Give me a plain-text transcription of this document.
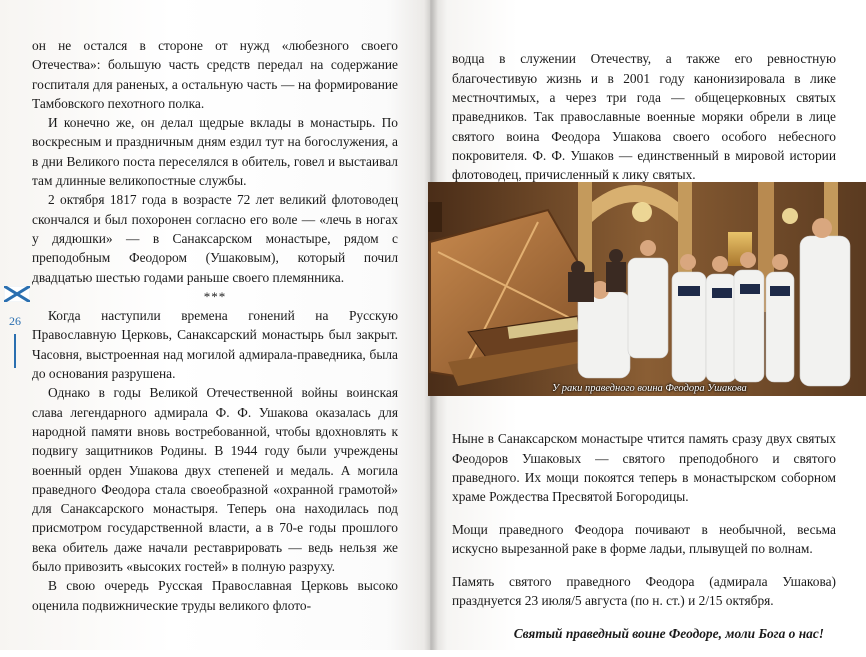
26

он не остался в стороне от нужд «любезного своего Отечества»: большую часть средств передал на содержание госпиталя для раненых, а остальную часть — на формирование Тамбовского пехотного полка.

И конечно же, он делал щедрые вклады в монастырь. По воскресным и праздничным дням ездил тут на богослужения, а в дни Великого поста переселялся в обитель, говел и выстаивал там длинные великопостные службы.

2 октября 1817 года в возрасте 72 лет великий флотоводец скончался и был похоронен согласно его воле — «лечь в ногах у дядюшки» — в Санаксарском монастыре, рядом с преподобным Феодором (Ушаковым), который почил двадцатью шестью годами раньше своего племянника.

***

Когда наступили времена гонений на Русскую Православную Церковь, Санаксарский монастырь был закрыт. Часовня, выстроенная над могилой адмирала-праведника, была до основания разрушена.

Однако в годы Великой Отечественной войны воинская слава легендарного адмирала Ф. Ф. Ушакова оказалась для народной памяти вновь востребованной, чтобы вдохновлять к подвигу защитников Родины. В 1944 году были учреждены военный орден Ушакова двух степеней и медаль. А могила праведного Феодора стала своеобразной «охранной грамотой» для Санаксарского монастыря. Теперь она находилась под присмотром государственной власти, а в 70-е годы прошлого века обитель даже начали реставрировать — ведь нельзя же было привозить «высоких гостей» в полную разруху.

В свою очередь Русская Православная Церковь высоко оценила подвижнические труды великого флото-

водца в служении Отечеству, а также его ревностную благочестивую жизнь и в 2001 году канонизировала в лике местночтимых, а через три года — общецерковных святых праведников. Так православные военные моряки обрели в лице святого воина Феодора Ушакова своего особого небесного покровителя. Ф. Ф. Ушаков — единственный в мировой истории флотоводец, причисленный к лику святых.

У раки праведного воина Феодора Ушакова

Ныне в Санаксарском монастыре чтится память сразу двух святых Феодоров Ушаковых — святого преподобного и святого праведного. Их мощи покоятся теперь в монастырском соборном храме Рождества Пресвятой Богородицы.

Мощи праведного Феодора почивают в необычной, весьма искусно вырезанной раке в форме ладьи, плывущей по волнам.

Память святого праведного Феодора (адмирала Ушакова) празднуется 23 июля/5 августа (по н. ст.) и 2/15 октября.

Святый праведный воине Феодоре, моли Бога о нас!
